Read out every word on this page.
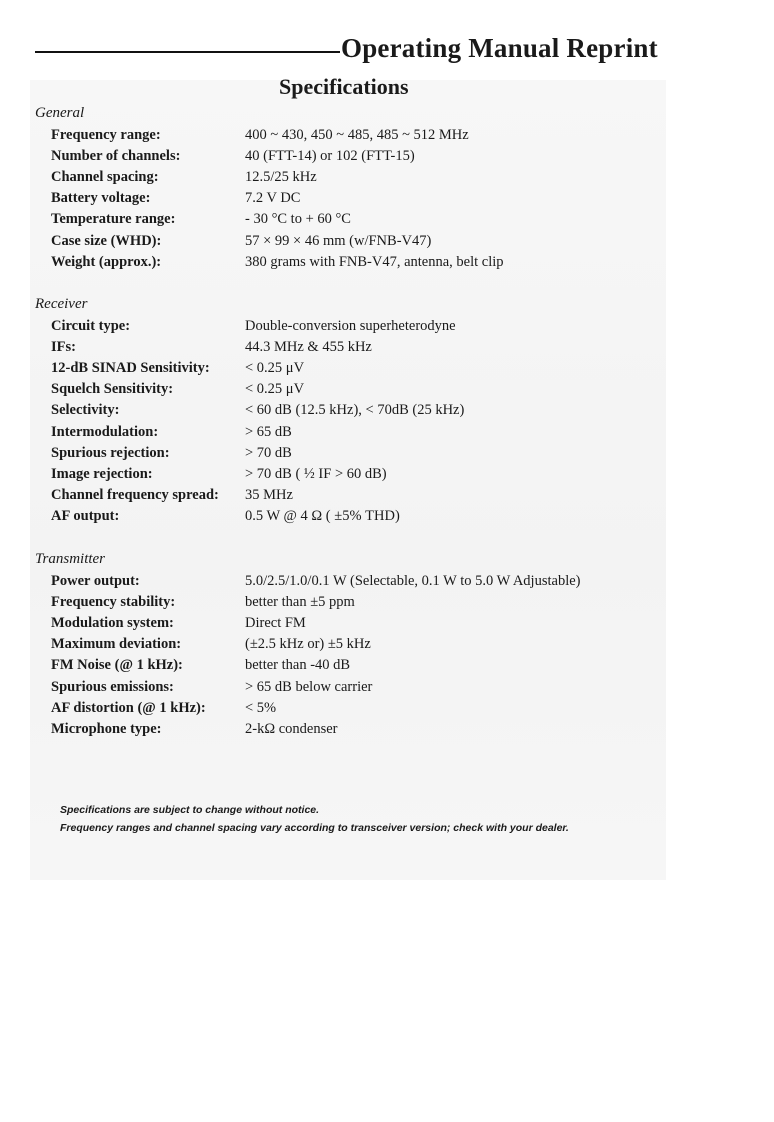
Operating Manual Reprint
Specifications
General
Frequency range:	400 ~ 430, 450 ~ 485, 485 ~ 512 MHz
Number of channels:	40 (FTT-14) or 102 (FTT-15)
Channel spacing:	12.5/25 kHz
Battery voltage:	7.2 V DC
Temperature range:	- 30 °C to + 60 °C
Case size (WHD):	57 × 99 × 46 mm (w/FNB-V47)
Weight (approx.):	380 grams with FNB-V47, antenna, belt clip
Receiver
Circuit type:	Double-conversion superheterodyne
IFs:	44.3 MHz & 455 kHz
12-dB SINAD Sensitivity: < 0.25 μV
Squelch Sensitivity:	< 0.25 μV
Selectivity:	< 60 dB (12.5 kHz), < 70dB (25 kHz)
Intermodulation:	> 65 dB
Spurious rejection:	> 70 dB
Image rejection:	> 70 dB ( ½ IF > 60 dB)
Channel frequency spread: 35 MHz
AF output:	0.5 W @ 4 Ω ( ±5% THD)
Transmitter
Power output:	5.0/2.5/1.0/0.1 W (Selectable, 0.1 W to 5.0 W Adjustable)
Frequency stability:	better than ±5 ppm
Modulation system:	Direct FM
Maximum deviation:	(±2.5 kHz or) ±5 kHz
FM Noise (@ 1 kHz):	better than -40 dB
Spurious emissions:	> 65 dB below carrier
AF distortion (@ 1 kHz):	< 5%
Microphone type:	2-kΩ condenser
Specifications are subject to change without notice.
Frequency ranges and channel spacing vary according to transceiver version; check with your dealer.
